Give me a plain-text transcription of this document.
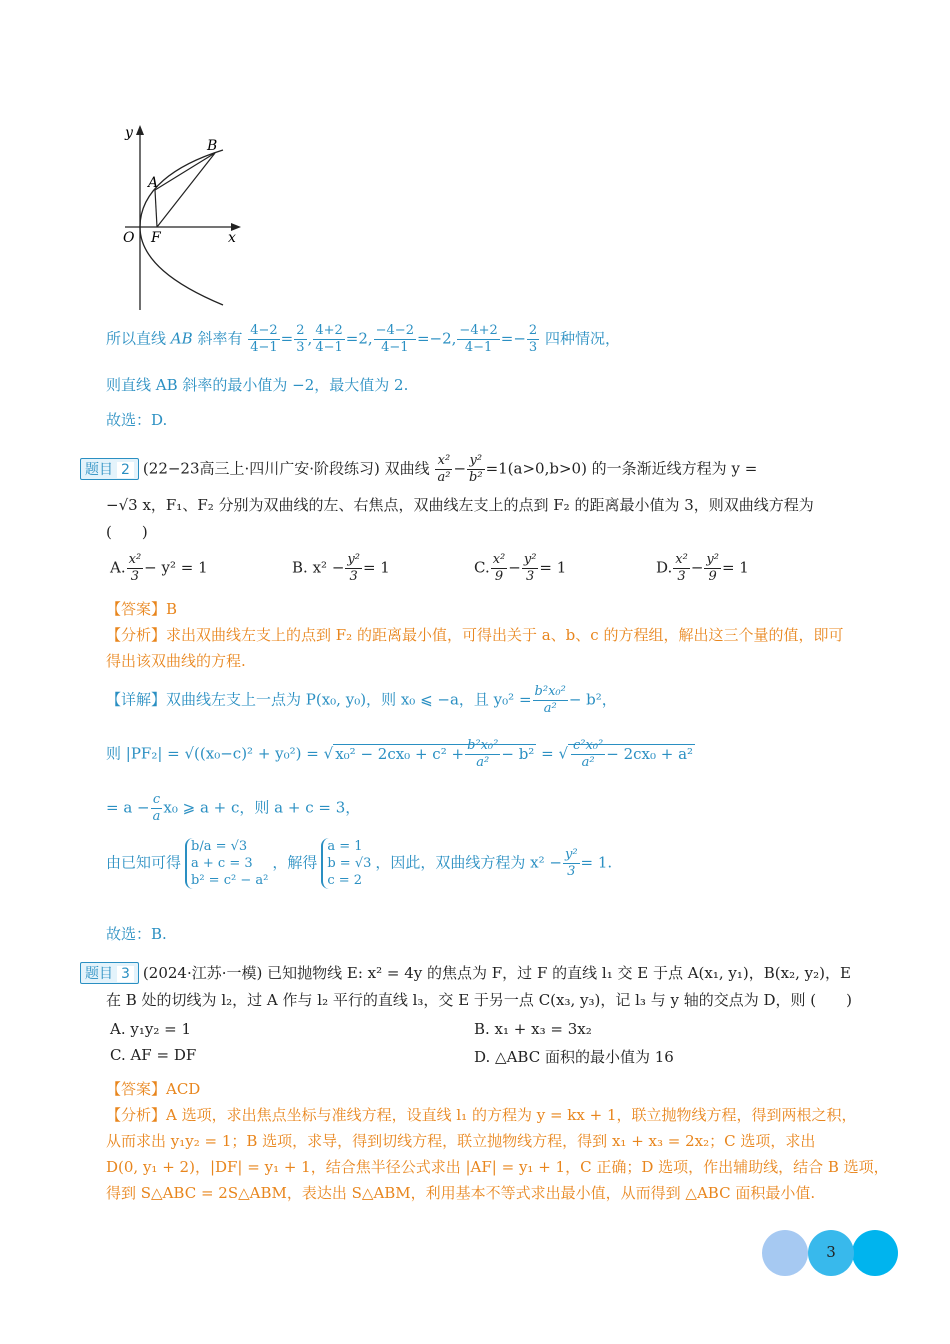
y
x
O F
A
B
所以直线 AB 斜率有 $\frac{4-2}{4-1} = \frac{2}{3}$ , $\frac{4+2}{4-1} =2$, $\frac{-4-2}{4-1} =-2$, $\frac{-4+2}{4-1} =- \frac{2}{3}$ 四种情况，
则直线 AB 斜率的最小值为 −2，最大值为 2.
故选：D.
题目 2 (22−23高三上·四川广安·阶段练习) 双曲线 $\frac{\text{x²}}{\text{a²}} - \frac{\text{y²}}{\text{b²}} =1(a>0,b>0)$ 的一条渐近线方程为 y =
−√3 x，F₁、F₂ 分别为双曲线的左、右焦点，双曲线左支上的点到 F₂ 的距离最小值为 3，则双曲线方程为
(　　)
A. $\frac{\text{x²}}{3} - y^2 = 1$	B. $x^2 - \frac{\text{y²}}{3} = 1$	C. $\frac{\text{x²}}{9} - \frac{\text{y²}}{3} = 1$	D. $\frac{\text{x²}}{3} - \frac{\text{y²}}{9} = 1$
【答案】B
【分析】求出双曲线左支上的点到 F₂ 的距离最小值，可得出关于 a、b、c 的方程组，解出这三个量的值，即可
得出该双曲线的方程.
【详解】双曲线左支上一点为 P(x₀, y₀)，则 x₀ ⩽ −a，且 $y_0^2 = \frac{\text{b²x₀²}}{\text{a²}} - b^2$，
则 |PF₂| = √((x₀−c)² + y₀²) = √ $x_0^2 - 2cx_0 + c^2 + \frac{\text{b²x₀²}}{\text{a²}} - b^2$ = √ $\frac{\text{c²x₀²}}{\text{a²}} - 2cx_0 + a^2$
= $a - \frac{c}{a} x_0$ ⩾ a + c，则 a + c = 3，
由已知可得
b/a = √3
a + c = 3
b² = c² − a²
，解得
a = 1
b = √3
c = 2
，因此，双曲线方程为 $x^2 - \frac{\text{y²}}{3} = 1$.
故选：B.
题目 3 (2024·江苏·一模) 已知抛物线 E: x² = 4y 的焦点为 F，过 F 的直线 l₁ 交 E 于点 A(x₁, y₁)，B(x₂, y₂)，E
在 B 处的切线为 l₂，过 A 作与 l₂ 平行的直线 l₃，交 E 于另一点 C(x₃, y₃)，记 l₃ 与 y 轴的交点为 D，则 (　　)
A. y₁y₂ = 1	B. x₁ + x₃ = 3x₂
C. AF = DF	D. △ABC 面积的最小值为 16
【答案】ACD
【分析】A 选项，求出焦点坐标与准线方程，设直线 l₁ 的方程为 y = kx + 1，联立抛物线方程，得到两根之积，
从而求出 y₁y₂ = 1；B 选项，求导，得到切线方程，联立抛物线方程，得到 x₁ + x₃ = 2x₂；C 选项，求出
D(0, y₁ + 2)，|DF| = y₁ + 1，结合焦半径公式求出 |AF| = y₁ + 1，C 正确；D 选项，作出辅助线，结合 B 选项，
得到 S△ABC = 2S△ABM，表达出 S△ABM，利用基本不等式求出最小值，从而得到 △ABC 面积最小值.
3
